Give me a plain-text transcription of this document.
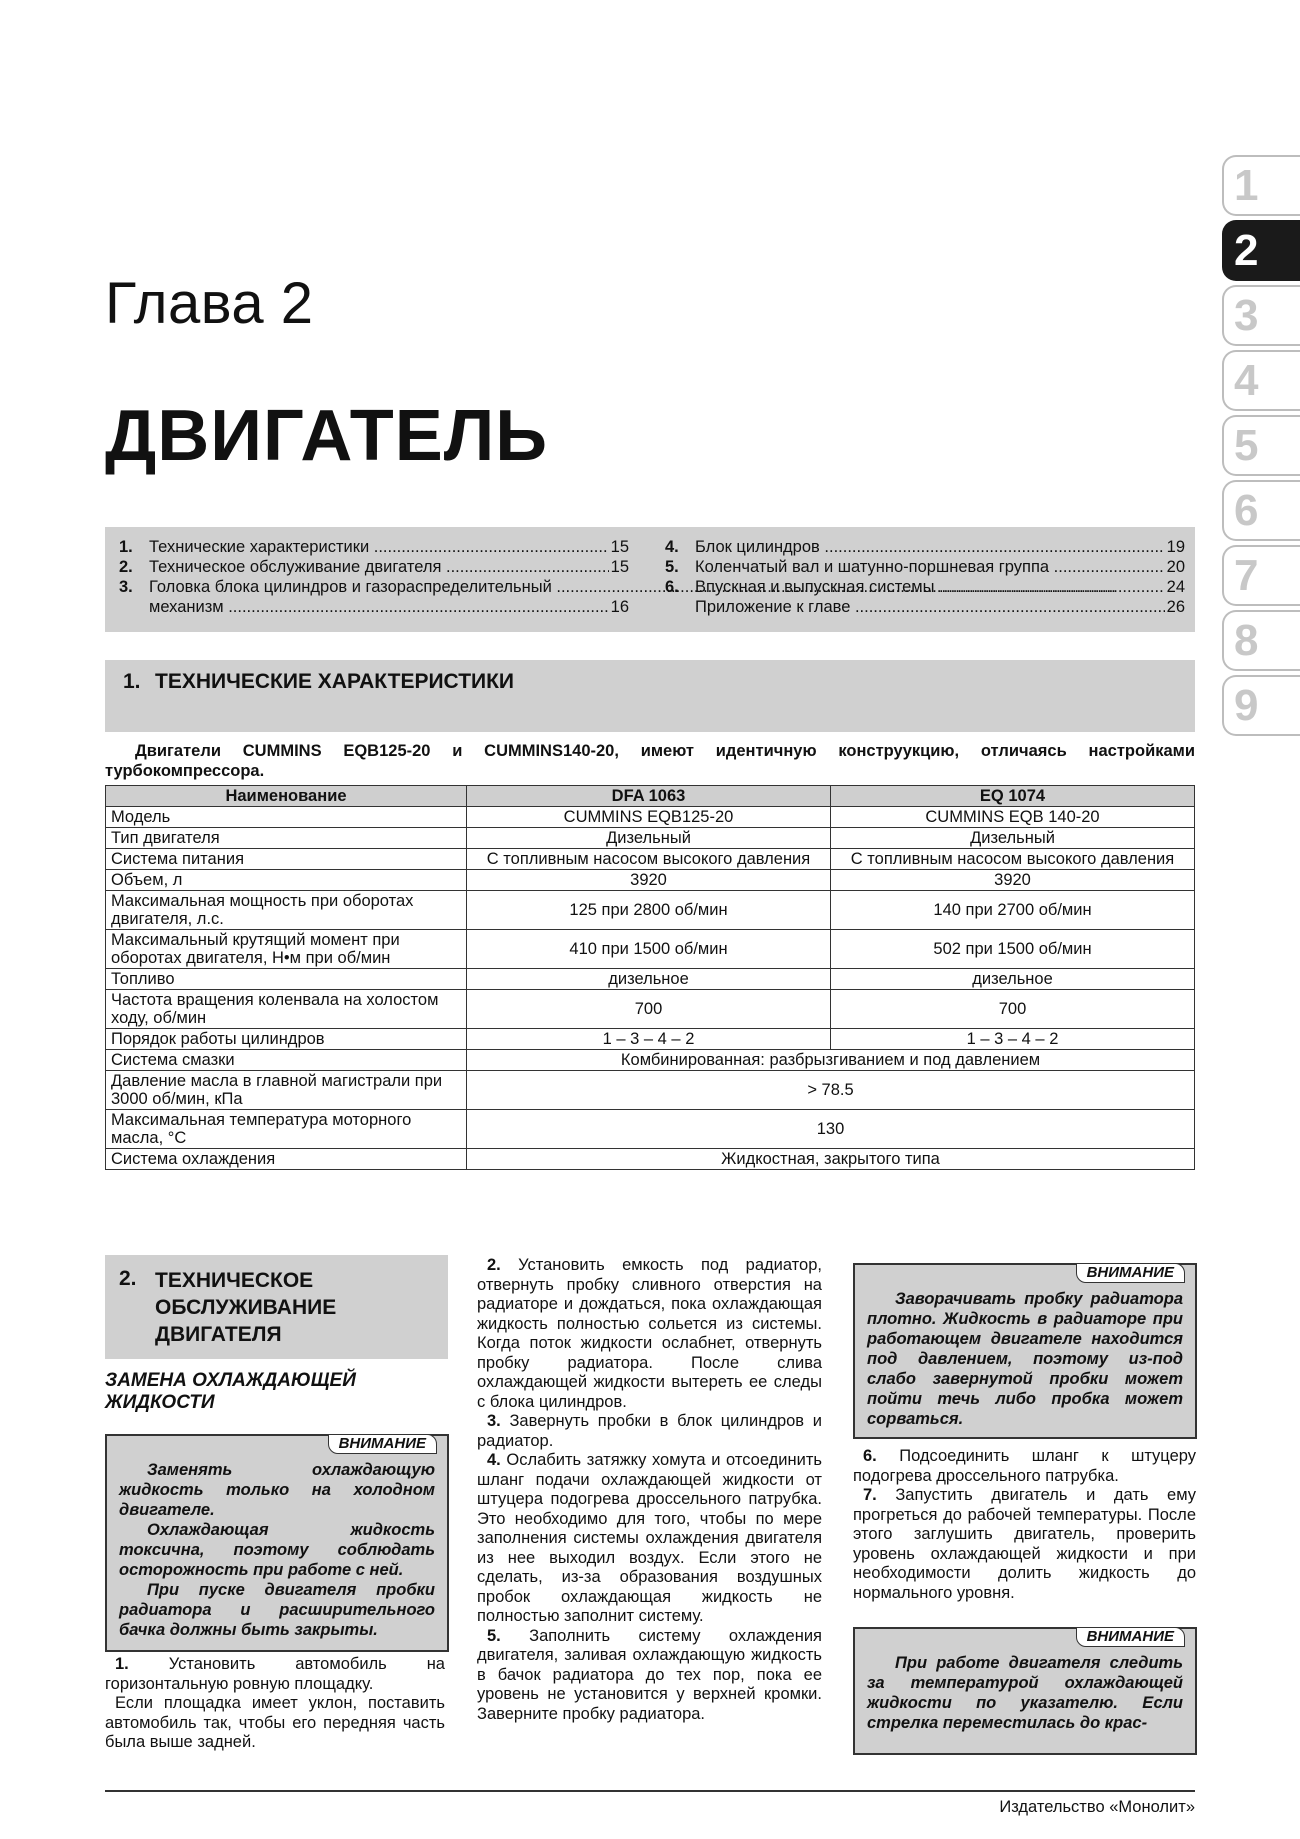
Глава 2
ДВИГАТЕЛЬ
1
2
3
4
5
6
7
8
9
1. Технические характеристики .....	15
2. Техническое обслуживание двигателя .....	15
3. Головка блока цилиндров и газораспределительный .....
механизм .....	16
4. Блок цилиндров .....	19
5. Коленчатый вал и шатунно-поршневая группа .....	20
6. Впускная и выпускная системы .....	24
Приложение к главе .....	26
1. ТЕХНИЧЕСКИЕ ХАРАКТЕРИСТИКИ
Двигатели CUMMINS EQB125-20 и CUMMINS140-20, имеют идентичную конструукцию, отличаясь настройками турбокомпрессора.
Наименование	DFA 1063	EQ 1074
Модель	CUMMINS EQB125-20	CUMMINS EQB 140-20
Тип двигателя	Дизельный	Дизельный
Система питания	С топливным насосом высокого давления	С топливным насосом высокого давления
Объем, л	3920	3920
Максимальная мощность при оборотах двигателя, л.с.	125 при 2800 об/мин	140 при 2700 об/мин
Максимальный крутящий момент при оборотах двигателя, Н•м при об/мин	410 при 1500 об/мин	502 при 1500 об/мин
Топливо	дизельное	дизельное
Частота вращения коленвала на холостом ходу, об/мин	700	700
Порядок работы цилиндров	1 – 3 – 4 – 2	1 – 3 – 4 – 2
Система смазки	Комбинированная: разбрызгиванием и под давлением	
Давление масла в главной магистрали при 3000 об/мин, кПа	> 78.5	
Максимальная температура моторного масла, °С	130	
Система охлаждения	Жидкостная, закрытого типа	
2. ТЕХНИЧЕСКОЕ
ОБСЛУЖИВАНИЕ
ДВИГАТЕЛЯ
ЗАМЕНА ОХЛАЖДАЮЩЕЙ
ЖИДКОСТИ
ВНИМАНИЕ

Заменять охлаждающую жидкость только на холодном двигателе.

Охлаждающая жидкость токсична, поэтому соблюдать осторожность при работе с ней.

При пуске двигателя пробки радиатора и расширительного бачка должны быть закрыты.

1. Установить автомобиль на горизонтальную ровную площадку.

Если площадка имеет уклон, поставить автомобиль так, чтобы его передняя часть была выше задней.

2. Установить емкость под радиатор, отвернуть пробку сливного отверстия на радиаторе и дождаться, пока охлаждающая жидкость полностью сольется из системы. Когда поток жидкости ослабнет, отвернуть пробку радиатора. После слива охлаждающей жидкости вытереть ее следы с блока цилиндров.

3. Завернуть пробки в блок цилиндров и радиатор.

4. Ослабить затяжку хомута и отсоединить шланг подачи охлаждающей жидкости от штуцера подогрева дроссельного патрубка. Это необходимо для того, чтобы по мере заполнения системы охлаждения двигателя из нее выходил воздух. Если этого не сделать, из-за образования воздушных пробок охлаждающая жидкость не полностью заполнит систему.

5. Заполнить систему охлаждения двигателя, заливая охлаждающую жидкость в бачок радиатора до тех пор, пока ее уровень не установится у верхней кромки. Заверните пробку радиатора.

ВНИМАНИЕ

Заворачивать пробку радиатора плотно. Жидкость в радиаторе при работающем двигателе находится под давлением, поэтому из-под слабо завернутой пробки может пойти течь либо пробка может сорваться.

6. Подсоединить шланг к штуцеру подогрева дроссельного патрубка.

7. Запустить двигатель и дать ему прогреться до рабочей температуры. После этого заглушить двигатель, проверить уровень охлаждающей жидкости и при необходимости долить жидкость до нормального уровня.

ВНИМАНИЕ

При работе двигателя следить за температурой охлаждающей жидкости по указателю. Если стрелка переместилась до крас-

Издательство «Монолит»
